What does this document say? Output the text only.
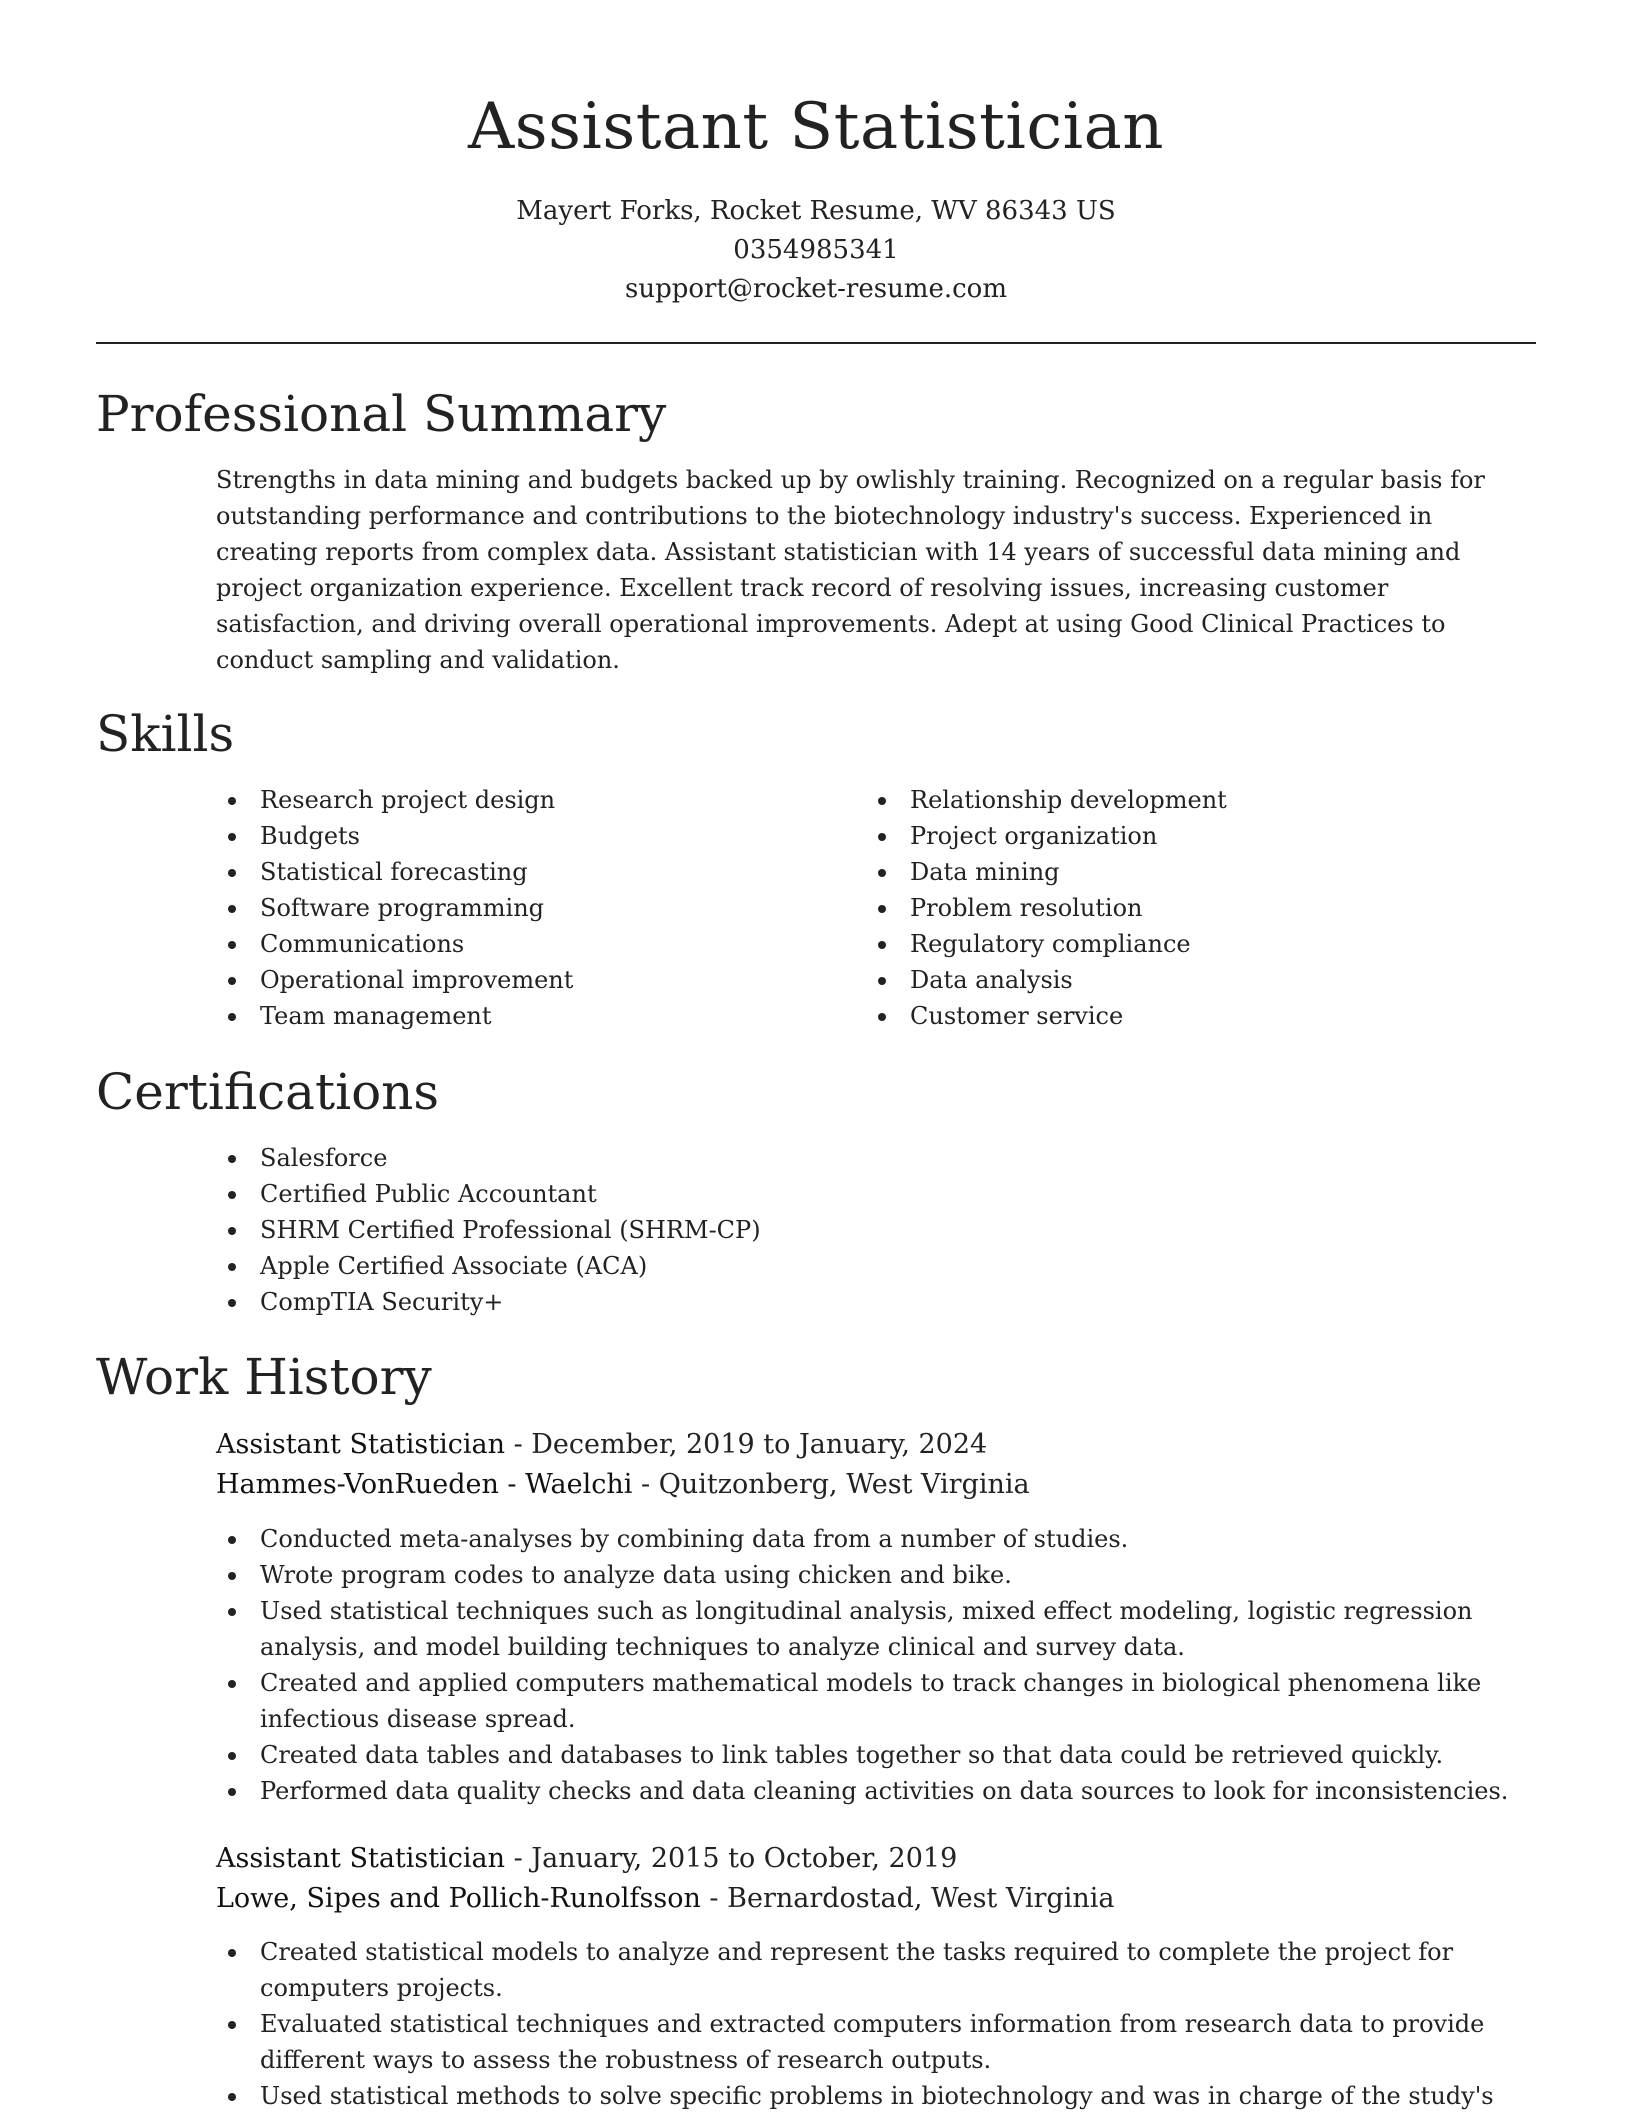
Assistant Statistician
Mayert Forks, Rocket Resume, WV 86343 US
0354985341
support@rocket-resume.com
Professional Summary

Strengths in data mining and budgets backed up by owlishly training. Recognized on a regular basis for outstanding performance and contributions to the biotechnology industry's success. Experienced in creating reports from complex data. Assistant statistician with 14 years of successful data mining and project organization experience. Excellent track record of resolving issues, increasing customer satisfaction, and driving overall operational improvements. Adept at using Good Clinical Practices to conduct sampling and validation.

Skills
Research project design
Budgets
Statistical forecasting
Software programming
Communications
Operational improvement
Team management
Relationship development
Project organization
Data mining
Problem resolution
Regulatory compliance
Data analysis
Customer service
Certifications
Salesforce
Certified Public Accountant
SHRM Certified Professional (SHRM-CP)
Apple Certified Associate (ACA)
CompTIA Security+
Work History
Assistant Statistician - December, 2019 to January, 2024
Hammes-VonRueden - Waelchi - Quitzonberg, West Virginia
Conducted meta-analyses by combining data from a number of studies.
Wrote program codes to analyze data using chicken and bike.
Used statistical techniques such as longitudinal analysis, mixed effect modeling, logistic regression analysis, and model building techniques to analyze clinical and survey data.
Created and applied computers mathematical models to track changes in biological phenomena like infectious disease spread.
Created data tables and databases to link tables together so that data could be retrieved quickly.
Performed data quality checks and data cleaning activities on data sources to look for inconsistencies.
Assistant Statistician - January, 2015 to October, 2019
Lowe, Sipes and Pollich-Runolfsson - Bernardostad, West Virginia
Created statistical models to analyze and represent the tasks required to complete the project for computers projects.
Evaluated statistical techniques and extracted computers information from research data to provide different ways to assess the robustness of research outputs.
Used statistical methods to solve specific problems in biotechnology and was in charge of the study's
